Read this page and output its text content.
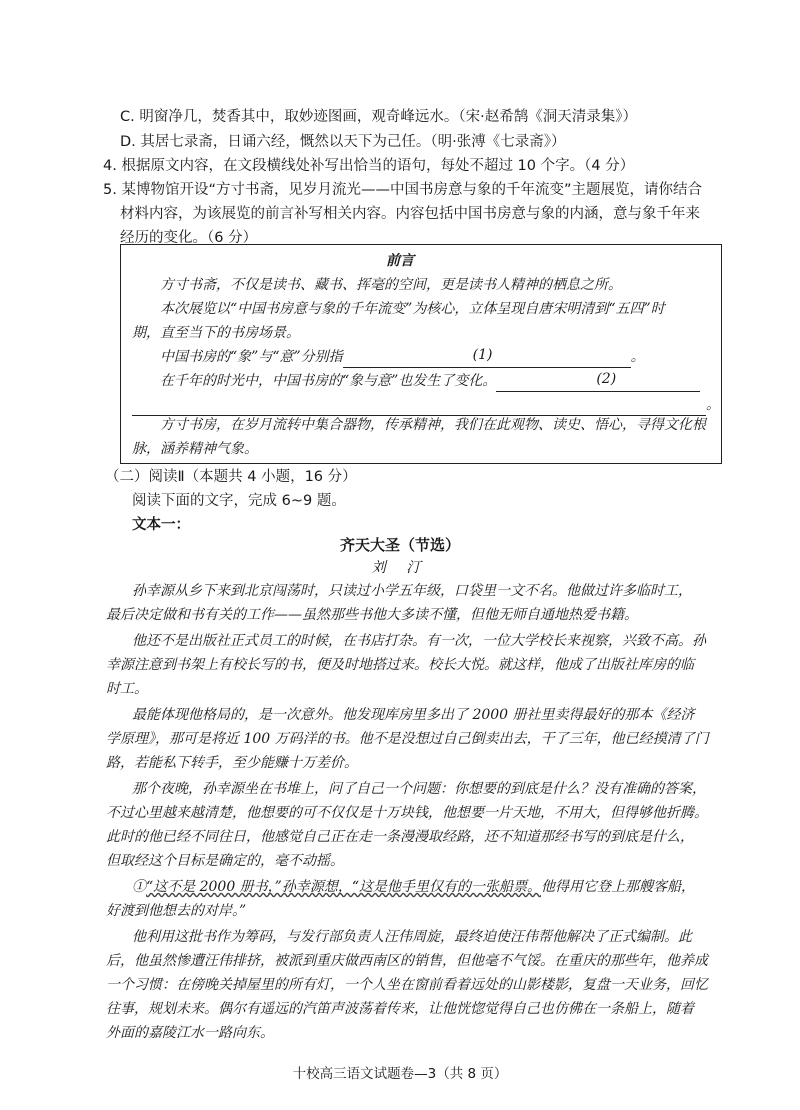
C. 明窗净几，焚香其中，取妙迹图画，观奇峰远水。（宋·赵希鹄《洞天清录集》）
D. 其居七录斋，日诵六经，慨然以天下为己任。（明·张溥《七录斋》）
4. 根据原文内容，在文段横线处补写出恰当的语句，每处不超过 10 个字。（4 分）
5. 某博物馆开设“方寸书斋，见岁月流光——中国书房意与象的千年流变”主题展览，请你结合
材料内容，为该展览的前言补写相关内容。内容包括中国书房意与象的内涵，意与象千年来
经历的变化。（6 分）
前言
方寸书斋，不仅是读书、藏书、挥毫的空间，更是读书人精神的栖息之所。
本次展览以“中国书房意与象的千年流变”为核心，立体呈现自唐宋明清到“五四”时
期，直至当下的书房场景。
中国书房的“象”与“意”分别指	(1)	。
在千年的时光中，中国书房的“象与意”也发生了变化。	(2)
。
方寸书房，在岁月流转中集合器物，传承精神，我们在此观物、读史、悟心，寻得文化根
脉，涵养精神气象。
（二）阅读Ⅱ（本题共 4 小题，16 分）
阅读下面的文字，完成 6~9 题。
文本一：
齐天大圣（节选）
刘 汀
孙幸源从乡下来到北京闯荡时，只读过小学五年级，口袋里一文不名。他做过许多临时工，
最后决定做和书有关的工作——虽然那些书他大多读不懂，但他无师自通地热爱书籍。
他还不是出版社正式员工的时候，在书店打杂。有一次，一位大学校长来视察，兴致不高。孙
幸源注意到书架上有校长写的书，便及时地搭过来。校长大悦。就这样，他成了出版社库房的临
时工。
最能体现他格局的，是一次意外。他发现库房里多出了 2000 册社里卖得最好的那本《经济
学原理》，那可是将近 100 万码洋的书。他不是没想过自己倒卖出去，干了三年，他已经摸清了门
路，若能私下转手，至少能赚十万差价。
那个夜晚，孙幸源坐在书堆上，问了自己一个问题：你想要的到底是什么？没有准确的答案，
不过心里越来越清楚，他想要的可不仅仅是十万块钱，他想要一片天地，不用大，但得够他折腾。
此时的他已经不同往日，他感觉自己正在走一条漫漫取经路，还不知道那经书写的到底是什么，
但取经这个目标是确定的，毫不动摇。
①“这不是 2000 册书，”孙幸源想，“这是他手里仅有的一张船票。他得用它登上那艘客船，
好渡到他想去的对岸。”
他利用这批书作为筹码，与发行部负责人汪伟周旋，最终迫使汪伟帮他解决了正式编制。此
后，他虽然惨遭汪伟排挤，被派到重庆做西南区的销售，但他毫不气馁。在重庆的那些年，他养成
一个习惯：在傍晚关掉屋里的所有灯，一个人坐在窗前看着远处的山影楼影，复盘一天业务，回忆
往事，规划未来。偶尔有遥远的汽笛声波荡着传来，让他恍惚觉得自己也仿佛在一条船上，随着
外面的嘉陵江水一路向东。
十校高三语文试题卷—3（共 8 页）
